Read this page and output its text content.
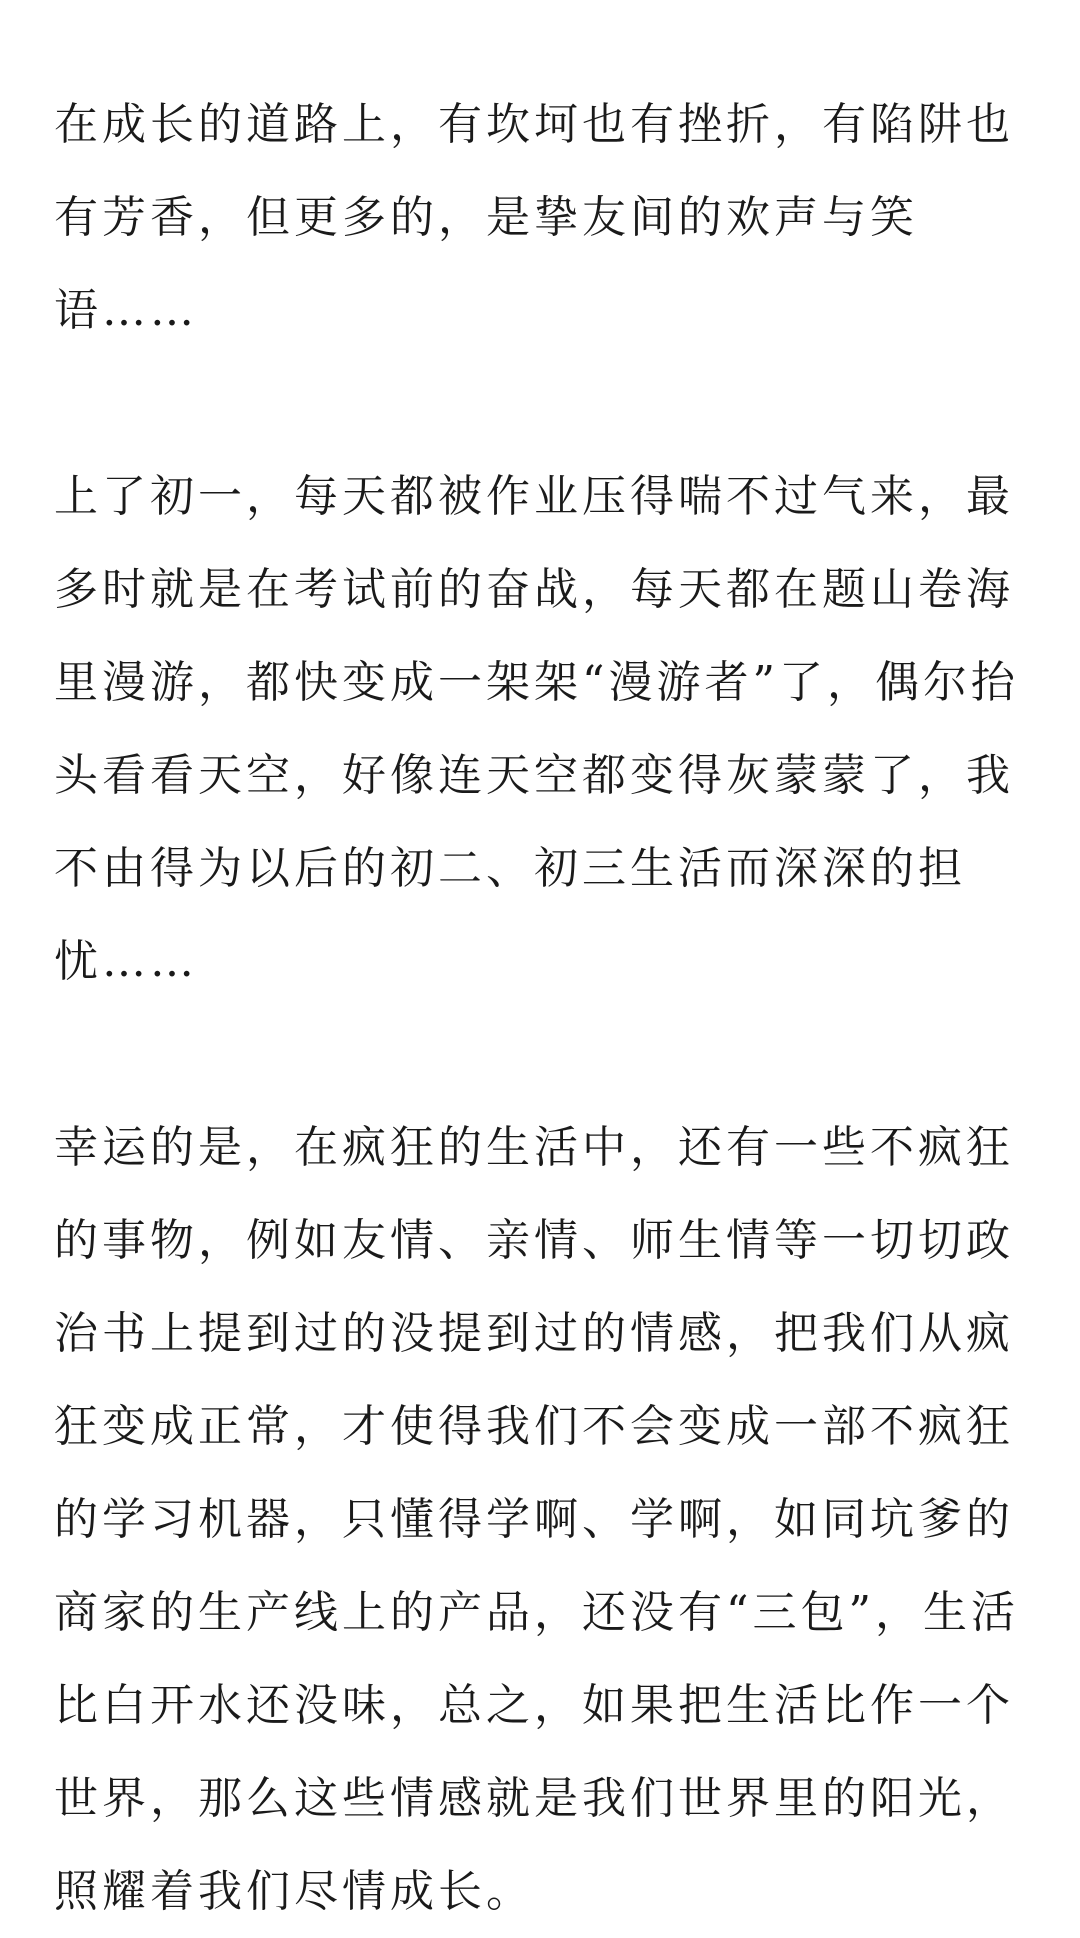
在成长的道路上，有坎坷也有挫折，有陷阱也有芳香，但更多的，是挚友间的欢声与笑语……

上了初一，每天都被作业压得喘不过气来，最多时就是在考试前的奋战，每天都在题山卷海里漫游，都快变成一架架“漫游者”了，偶尔抬头看看天空，好像连天空都变得灰蒙蒙了，我不由得为以后的初二、初三生活而深深的担忧……

幸运的是，在疯狂的生活中，还有一些不疯狂的事物，例如友情、亲情、师生情等一切切政治书上提到过的没提到过的情感，把我们从疯狂变成正常，才使得我们不会变成一部不疯狂的学习机器，只懂得学啊、学啊，如同坑爹的商家的生产线上的产品，还没有“三包”，生活比白开水还没味，总之，如果把生活比作一个世界，那么这些情感就是我们世界里的阳光，照耀着我们尽情成长。
